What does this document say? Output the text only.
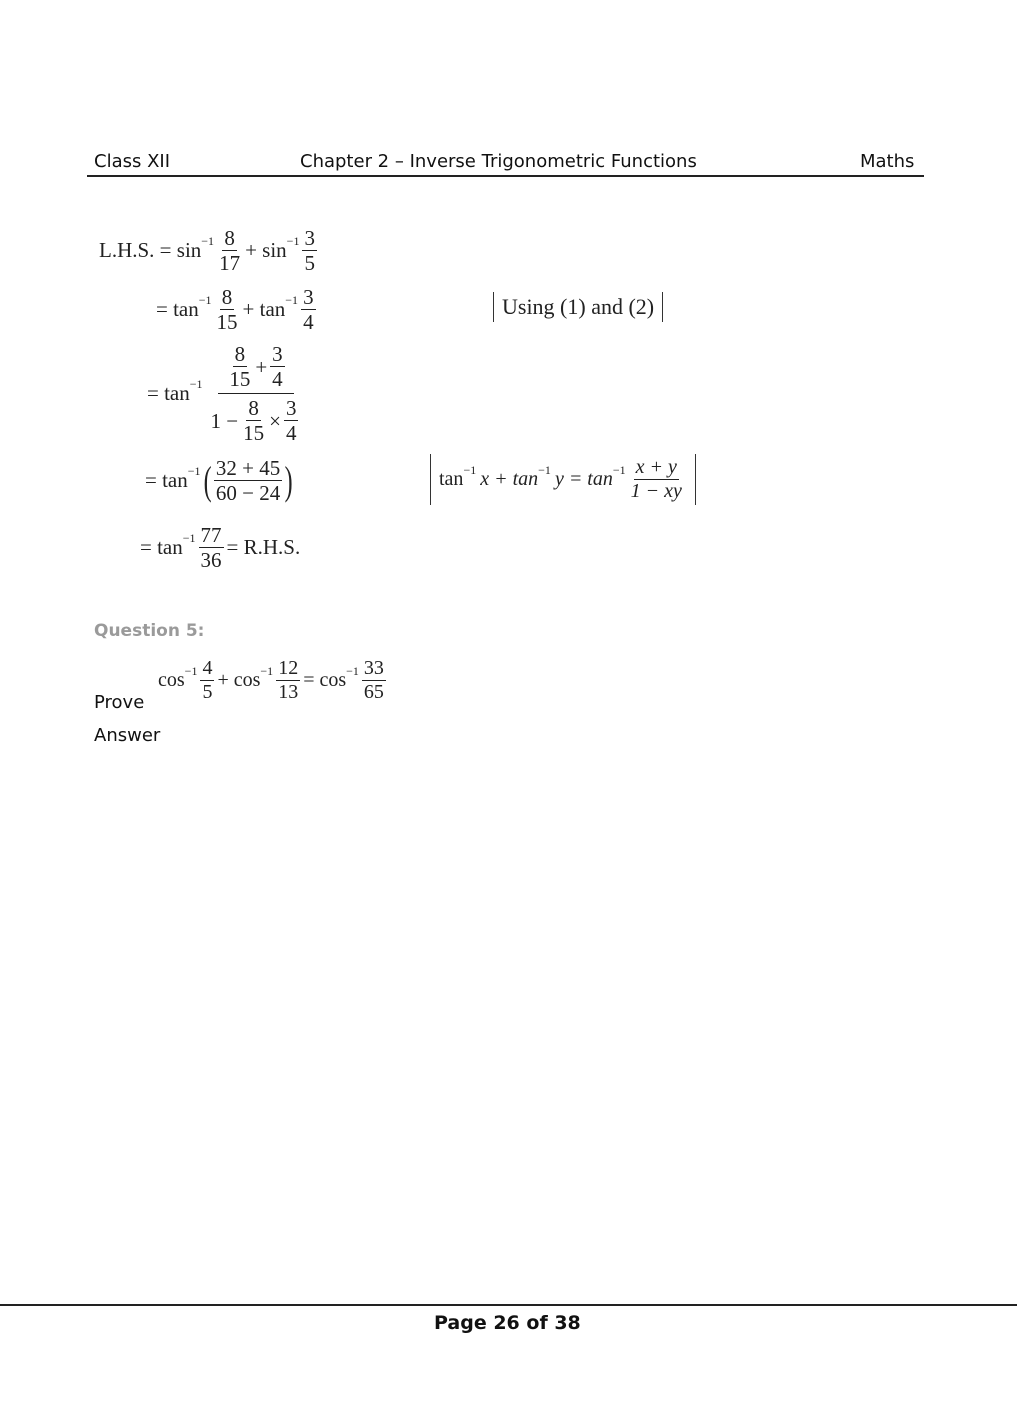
Class XII	Chapter 2 – Inverse Trigonometric Functions	Maths
L.H.S. = $\sin -1 \frac{8}{17} + \sin -1 \frac{3}{5}$
= $\tan -1 \frac{8}{15} + \tan -1 \frac{3}{4}$	Using (1) and (2)
= $\tan -1 \frac{\frac{8}{15} + \frac{3}{4}}{1 - \frac{8}{15} \times \frac{3}{4}}$
= tan −1 ( $\frac{32 + 45}{60 - 24}$ )	tan −1 x + tan −1 $y = \tan -1 \frac{x + y}{1 - xy}$
= $\tan -1 \frac{77}{36} = R.H.S$.
Question 5:
Prove
$\cos -1 \frac{4}{5} + \cos -1 \frac{12}{13} = \cos -1 \frac{33}{65}$
Answer
Page 26 of 38
